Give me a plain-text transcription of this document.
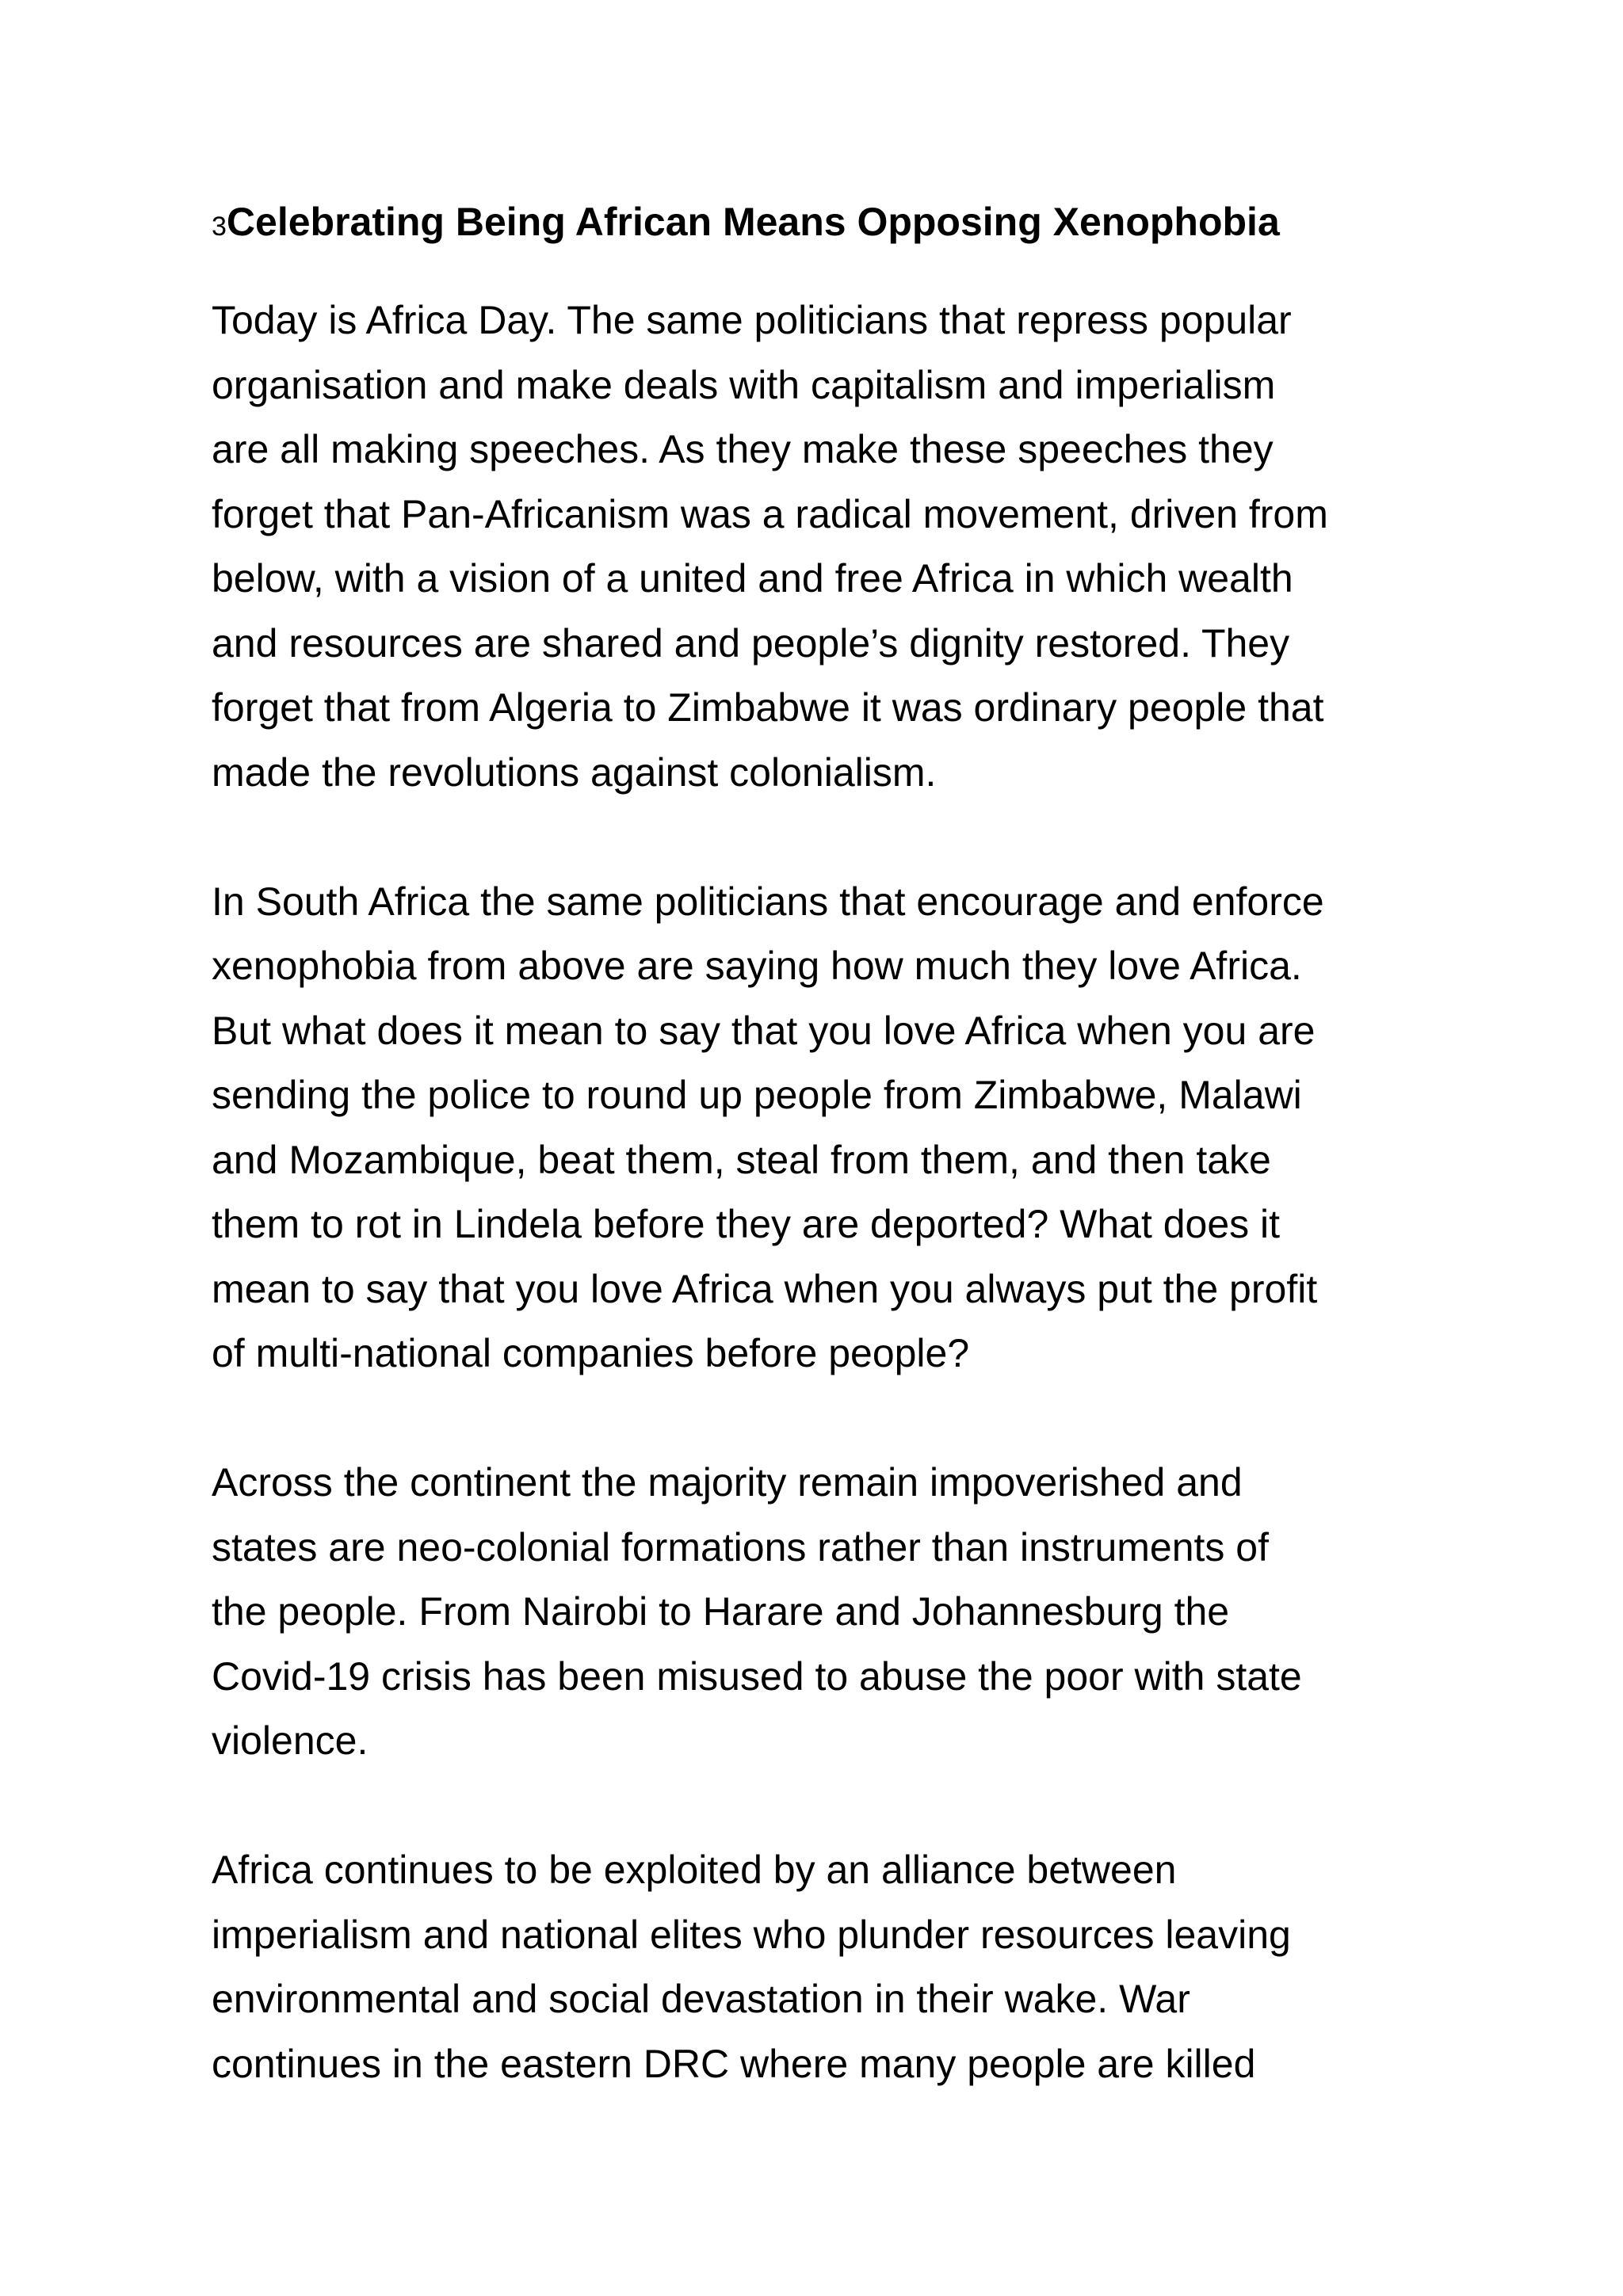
3Celebrating Being African Means Opposing Xenophobia

Today is Africa Day. The same politicians that repress popular
organisation and make deals with capitalism and imperialism
are all making speeches. As they make these speeches they
forget that Pan-Africanism was a radical movement, driven from
below, with a vision of a united and free Africa in which wealth
and resources are shared and people’s dignity restored. They
forget that from Algeria to Zimbabwe it was ordinary people that
made the revolutions against colonialism.

In South Africa the same politicians that encourage and enforce
xenophobia from above are saying how much they love Africa.
But what does it mean to say that you love Africa when you are
sending the police to round up people from Zimbabwe, Malawi
and Mozambique, beat them, steal from them, and then take
them to rot in Lindela before they are deported? What does it
mean to say that you love Africa when you always put the profit
of multi-national companies before people?

Across the continent the majority remain impoverished and
states are neo-colonial formations rather than instruments of
the people. From Nairobi to Harare and Johannesburg the
Covid-19 crisis has been misused to abuse the poor with state
violence.

Africa continues to be exploited by an alliance between
imperialism and national elites who plunder resources leaving
environmental and social devastation in their wake. War
continues in the eastern DRC where many people are killed
